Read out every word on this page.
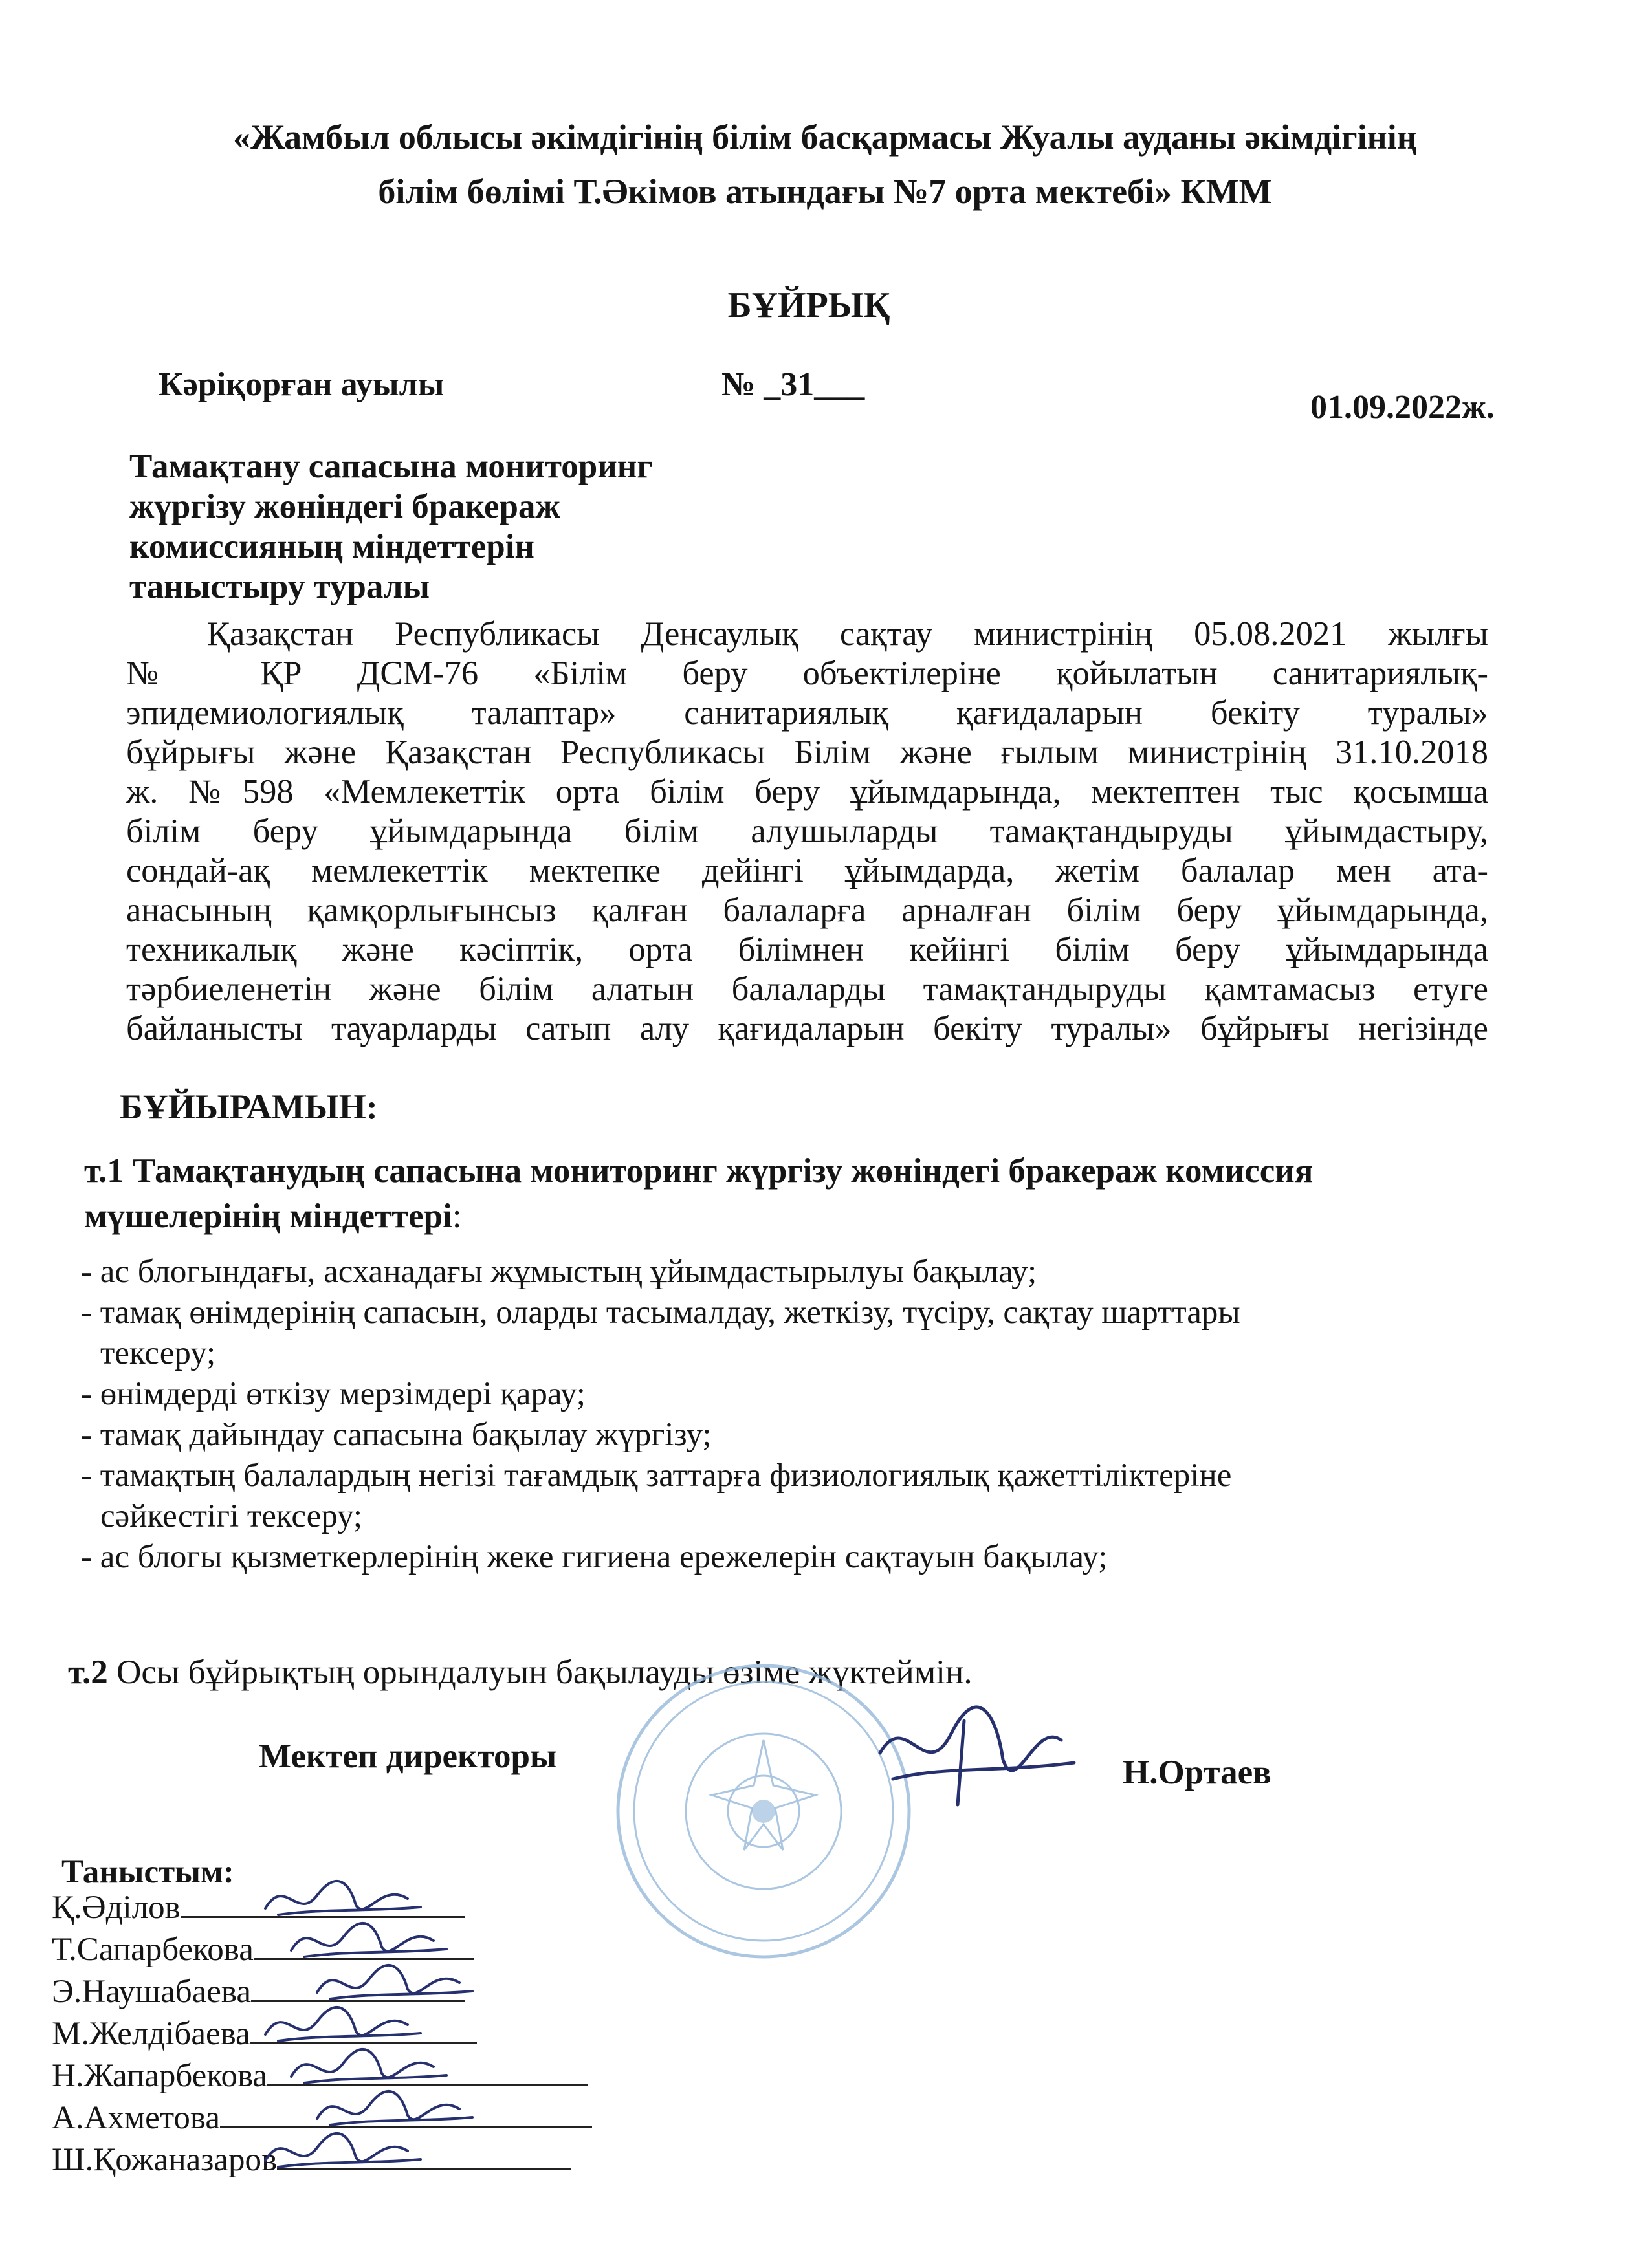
«Жамбыл облысы әкімдігінің білім басқармасы Жуалы ауданы әкімдігінің
білім бөлімі Т.Әкімов атындағы №7 орта мектебі» КММ
БҰЙРЫҚ
Кәріқорған ауылы	№ _31___
01.09.2022ж.
Тамақтану сапасына мониторинг
жүргізу жөніндегі бракераж
комиссияның міндеттерін
таныстыру туралы
Қазақстан Республикасы Денсаулық сақтау министрінің 05.08.2021 жылғы
№ ҚР ДСМ-76 «Білім беру объектілеріне қойылатын санитариялық-
эпидемиологиялық талаптар» санитариялық қағидаларын бекіту туралы»
бұйрығы және Қазақстан Республикасы Білім және ғылым министрінің 31.10.2018
ж. №598 «Мемлекеттік орта білім беру ұйымдарында, мектептен тыс қосымша
білім беру ұйымдарында білім алушыларды тамақтандыруды ұйымдастыру,
сондай-ақ мемлекеттік мектепке дейінгі ұйымдарда, жетім балалар мен ата-
анасының қамқорлығынсыз қалған балаларға арналған білім беру ұйымдарында,
техникалық және кәсіптік, орта білімнен кейінгі білім беру ұйымдарында
тәрбиеленетін және білім алатын балаларды тамақтандыруды қамтамасыз етуге
байланысты тауарларды сатып алу қағидаларын бекіту туралы» бұйрығы негізінде
БҰЙЫРАМЫН:
т.1 Тамақтанудың сапасына мониторинг жүргізу жөніндегі бракераж комиссия
мүшелерінің міндеттері:
- ас блогындағы, асханадағы жұмыстың ұйымдастырылуы бақылау;
- тамақ өнімдерінің сапасын, оларды тасымалдау, жеткізу, түсіру, сақтау шарттары
тексеру;
- өнімдерді өткізу мерзімдері қарау;
- тамақ дайындау сапасына бақылау жүргізу;
- тамақтың балалардың негізі тағамдық заттарға физиологиялық қажеттіліктеріне
сәйкестігі тексеру;
- ас блогы қызметкерлерінің жеке гигиена ережелерін сақтауын бақылау;
т.2 Осы бұйрықтың орындалуын бақылауды өзіме жүктеймін.
Мектеп директоры	Н.Ортаев
Таныстым:
Қ.Әділов
Т.Сапарбекова
Э.Наушабаева
М.Желдібаева
Н.Жапарбекова
А.Ахметова
Ш.Қожаназаров
